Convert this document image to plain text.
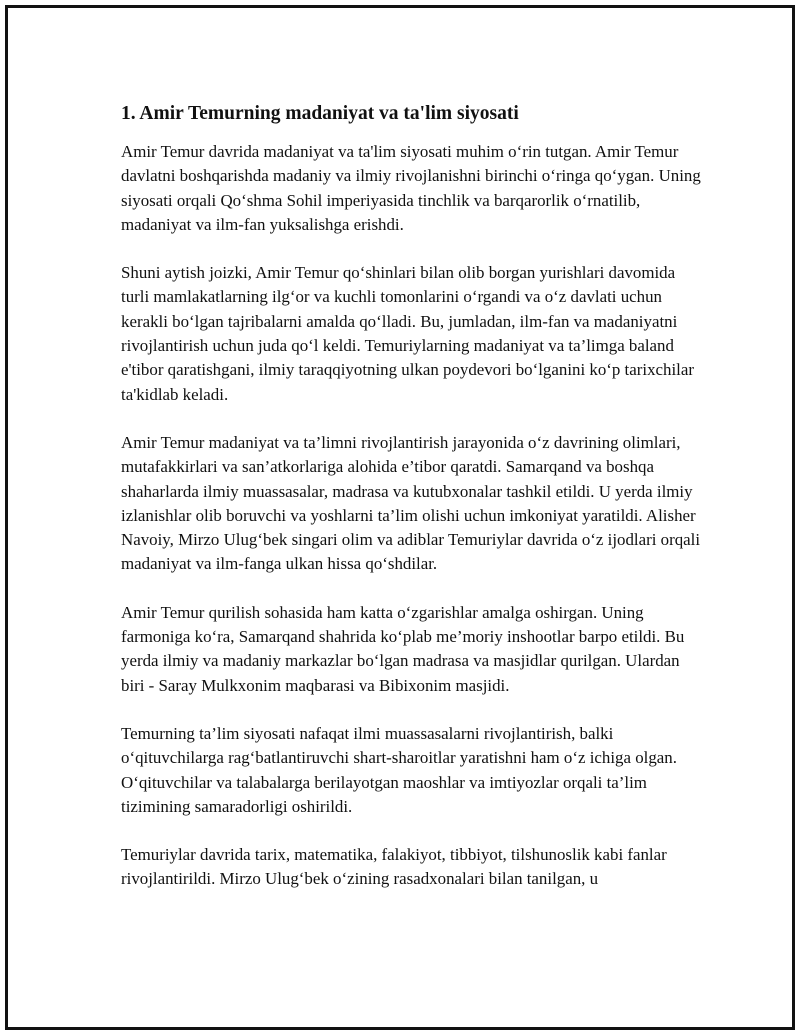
1. Amir Temurning madaniyat va ta'lim siyosati

Amir Temur davrida madaniyat va ta'lim siyosati muhim oʻrin tutgan. Amir Temur davlatni boshqarishda madaniy va ilmiy rivojlanishni birinchi oʻringa qoʻygan. Uning siyosati orqali Qoʻshma Sohil imperiyasida tinchlik va barqarorlik oʻrnatilib, madaniyat va ilm-fan yuksalishga erishdi.

Shuni aytish joizki, Amir Temur qoʻshinlari bilan olib borgan yurishlari davomida turli mamlakatlarning ilgʻor va kuchli tomonlarini oʻrgandi va oʻz davlati uchun kerakli boʻlgan tajribalarni amalda qoʻlladi. Bu, jumladan, ilm-fan va madaniyatni rivojlantirish uchun juda qoʻl keldi. Temuriylarning madaniyat va ta’limga baland e'tibor qaratishgani, ilmiy taraqqiyotning ulkan poydevori boʻlganini koʻp tarixchilar ta'kidlab keladi.

Amir Temur madaniyat va ta’limni rivojlantirish jarayonida oʻz davrining olimlari, mutafakkirlari va san’atkorlariga alohida e’tibor qaratdi. Samarqand va boshqa shaharlarda ilmiy muassasalar, madrasa va kutubxonalar tashkil etildi. U yerda ilmiy izlanishlar olib boruvchi va yoshlarni ta’lim olishi uchun imkoniyat yaratildi. Alisher Navoiy, Mirzo Ulugʻbek singari olim va adiblar Temuriylar davrida oʻz ijodlari orqali madaniyat va ilm-fanga ulkan hissa qoʻshdilar.

Amir Temur qurilish sohasida ham katta oʻzgarishlar amalga oshirgan. Uning farmoniga koʻra, Samarqand shahrida koʻplab me’moriy inshootlar barpo etildi. Bu yerda ilmiy va madaniy markazlar boʻlgan madrasa va masjidlar qurilgan. Ulardan biri - Saray Mulkxonim maqbarasi va Bibixonim masjidi.

Temurning ta’lim siyosati nafaqat ilmi muassasalarni rivojlantirish, balki oʻqituvchilarga ragʻbatlantiruvchi shart-sharoitlar yaratishni ham oʻz ichiga olgan. Oʻqituvchilar va talabalarga berilayotgan maoshlar va imtiyozlar orqali ta’lim tizimining samaradorligi oshirildi.

Temuriylar davrida tarix, matematika, falakiyot, tibbiyot, tilshunoslik kabi fanlar rivojlantirildi. Mirzo Ulugʻbek oʻzining rasadxonalari bilan tanilgan, u
